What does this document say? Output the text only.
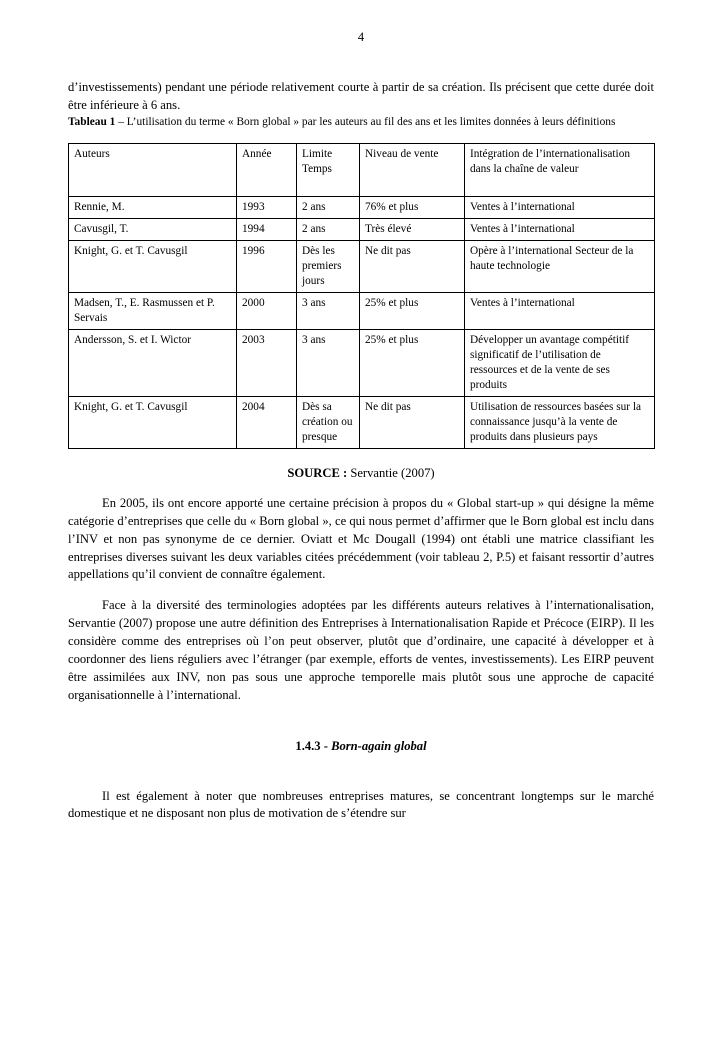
4

d’investissements) pendant une période relativement courte à partir de sa création. Ils précisent que cette durée doit être inférieure à 6 ans.

Tableau 1 – L’utilisation du terme « Born global » par les auteurs au fil des ans et les limites données à leurs définitions
Auteurs	Année	Limite Temps	Niveau de vente	Intégration de l’internationalisation dans la chaîne de valeur
Rennie, M.	1993	2 ans	76% et plus	Ventes à l’international
Cavusgil, T.	1994	2 ans	Très élevé	Ventes à l’international
Knight, G. et T. Cavusgil	1996	Dès les premiers jours	Ne dit pas	Opère à l’international Secteur de la haute technologie
Madsen, T., E. Rasmussen et P. Servais	2000	3 ans	25% et plus	Ventes à l’international
Andersson, S. et I. Wictor	2003	3 ans	25% et plus	Développer un avantage compétitif significatif de l’utilisation de ressources et de la vente de ses produits
Knight, G. et T. Cavusgil	2004	Dès sa création ou presque	Ne dit pas	Utilisation de ressources basées sur la connaissance jusqu’à la vente de produits dans plusieurs pays
SOURCE : Servantie (2007)

En 2005, ils ont encore apporté une certaine précision à propos du « Global start-up » qui désigne la même catégorie d’entreprises que celle du « Born global », ce qui nous permet d’affirmer que le Born global est inclu dans l’INV et non pas synonyme de ce dernier. Oviatt et Mc Dougall (1994) ont établi une matrice classifiant les entreprises diverses suivant les deux variables citées précédemment (voir tableau 2, P.5) et faisant ressortir d’autres appellations qu’il convient de connaître également.

Face à la diversité des terminologies adoptées par les différents auteurs relatives à l’internationalisation, Servantie (2007) propose une autre définition des Entreprises à Internationalisation Rapide et Précoce (EIRP). Il les considère comme des entreprises où l’on peut observer, plutôt que d’ordinaire, une capacité à développer et à coordonner des liens réguliers avec l’étranger (par exemple, efforts de ventes, investissements). Les EIRP peuvent être assimilées aux INV, non pas sous une approche temporelle mais plutôt sous une approche de capacité organisationnelle à l’international.

1.4.3 - Born-again global

Il est également à noter que nombreuses entreprises matures, se concentrant longtemps sur le marché domestique et ne disposant non plus de motivation de s’étendre sur
